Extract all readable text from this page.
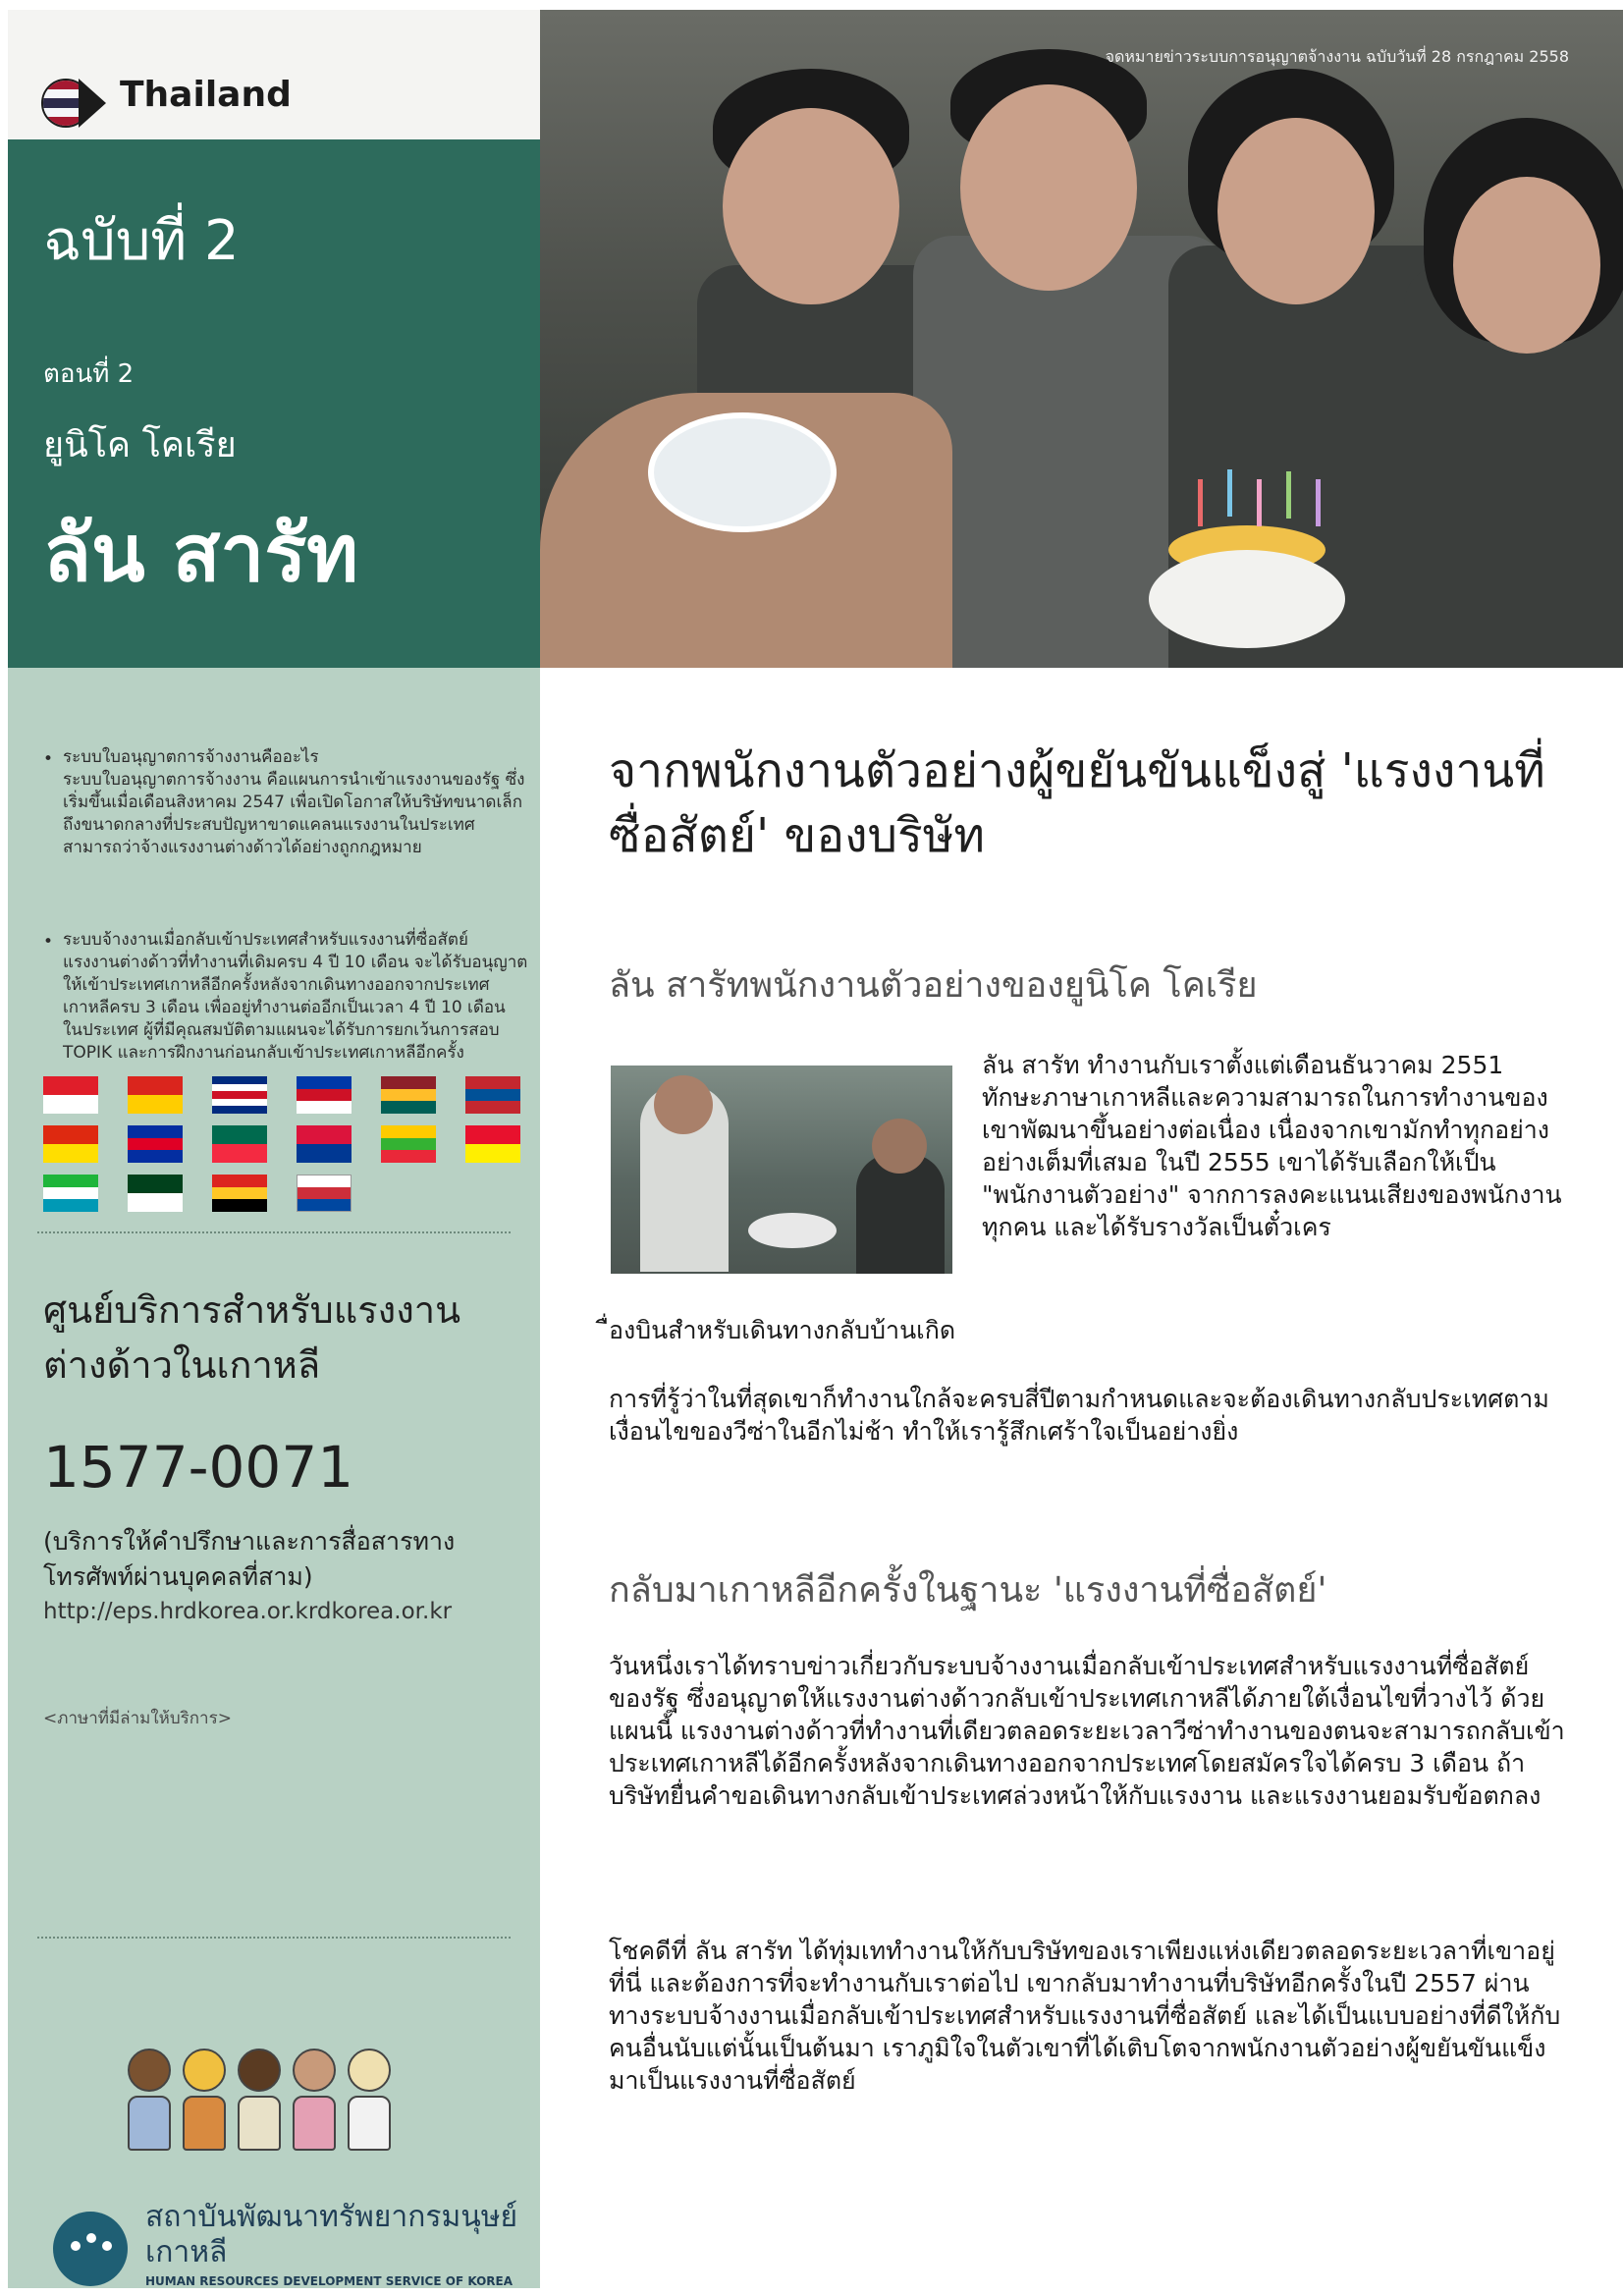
Thailand
ฉบับที่ 2
ตอนที่ 2
ยูนิโค โคเรีย
ลัน สารัท
• ระบบใบอนุญาตการจ้างงานคืออะไร
ระบบใบอนุญาตการจ้างงาน คือแผนการนำเข้าแรงงานของรัฐ ซึ่งเริ่มขึ้นเมื่อเดือนสิงหาคม 2547 เพื่อเปิดโอกาสให้บริษัทขนาดเล็กถึงขนาดกลางที่ประสบปัญหาขาดแคลนแรงงานในประเทศสามารถว่าจ้างแรงงานต่างด้าวได้อย่างถูกกฎหมาย
• ระบบจ้างงานเมื่อกลับเข้าประเทศสำหรับแรงงานที่ซื่อสัตย์
แรงงานต่างด้าวที่ทำงานที่เดิมครบ 4 ปี 10 เดือน จะได้รับอนุญาตให้เข้าประเทศเกาหลีอีกครั้งหลังจากเดินทางออกจากประเทศเกาหลีครบ 3 เดือน เพื่ออยู่ทำงานต่ออีกเป็นเวลา 4 ปี 10 เดือน ในประเทศ ผู้ที่มีคุณสมบัติตามแผนจะได้รับการยกเว้นการสอบ TOPIK และการฝึกงานก่อนกลับเข้าประเทศเกาหลีอีกครั้ง
ศูนย์บริการสำหรับแรงงานต่างด้าวในเกาหลี
1577-0071
(บริการให้คำปรึกษาและการสื่อสารทางโทรศัพท์ผ่านบุคคลที่สาม)
http://eps.hrdkorea.or.krdkorea.or.kr
<ภาษาที่มีล่ามให้บริการ>
สถาบันพัฒนาทรัพยากรมนุษย์เกาหลี
HUMAN RESOURCES DEVELOPMENT SERVICE OF KOREA
จดหมายข่าวระบบการอนุญาตจ้างงาน ฉบับวันที่ 28 กรกฎาคม 2558
จากพนักงานตัวอย่างผู้ขยันขันแข็งสู่ 'แรงงานที่ซื่อสัตย์' ของบริษัท
ลัน สารัทพนักงานตัวอย่างของยูนิโค โคเรีย
ลัน สารัท ทำงานกับเราตั้งแต่เดือนธันวาคม 2551 ทักษะภาษาเกาหลีและความสามารถในการทำงานของเขาพัฒนาขึ้นอย่างต่อเนื่อง เนื่องจากเขามักทำทุกอย่างอย่างเต็มที่เสมอ ในปี 2555 เขาได้รับเลือกให้เป็น "พนักงานตัวอย่าง" จากการลงคะแนนเสียงของพนักงานทุกคน และได้รับรางวัลเป็นตั๋วเคร
ื่องบินสำหรับเดินทางกลับบ้านเกิด
การที่รู้ว่าในที่สุดเขาก็ทำงานใกล้จะครบสี่ปีตามกำหนดและจะต้องเดินทางกลับประเทศตามเงื่อนไขของวีซ่าในอีกไม่ช้า ทำให้เรารู้สึกเศร้าใจเป็นอย่างยิ่ง
กลับมาเกาหลีอีกครั้งในฐานะ 'แรงงานที่ซื่อสัตย์'
วันหนึ่งเราได้ทราบข่าวเกี่ยวกับระบบจ้างงานเมื่อกลับเข้าประเทศสำหรับแรงงานที่ซื่อสัตย์ของรัฐ ซึ่งอนุญาตให้แรงงานต่างด้าวกลับเข้าประเทศเกาหลีได้ภายใต้เงื่อนไขที่วางไว้ ด้วยแผนนี้ แรงงานต่างด้าวที่ทำงานที่เดียวตลอดระยะเวลาวีซ่าทำงานของตนจะสามารถกลับเข้าประเทศเกาหลีได้อีกครั้งหลังจากเดินทางออกจากประเทศโดยสมัครใจได้ครบ 3 เดือน ถ้าบริษัทยื่นคำขอเดินทางกลับเข้าประเทศล่วงหน้าให้กับแรงงาน และแรงงานยอมรับข้อตกลง
โชคดีที่ ลัน สารัท ได้ทุ่มเททำงานให้กับบริษัทของเราเพียงแห่งเดียวตลอดระยะเวลาที่เขาอยู่ที่นี่ และต้องการที่จะทำงานกับเราต่อไป เขากลับมาทำงานที่บริษัทอีกครั้งในปี 2557 ผ่านทางระบบจ้างงานเมื่อกลับเข้าประเทศสำหรับแรงงานที่ซื่อสัตย์ และได้เป็นแบบอย่างที่ดีให้กับคนอื่นนับแต่นั้นเป็นต้นมา เราภูมิใจในตัวเขาที่ได้เติบโตจากพนักงานตัวอย่างผู้ขยันขันแข็งมาเป็นแรงงานที่ซื่อสัตย์
